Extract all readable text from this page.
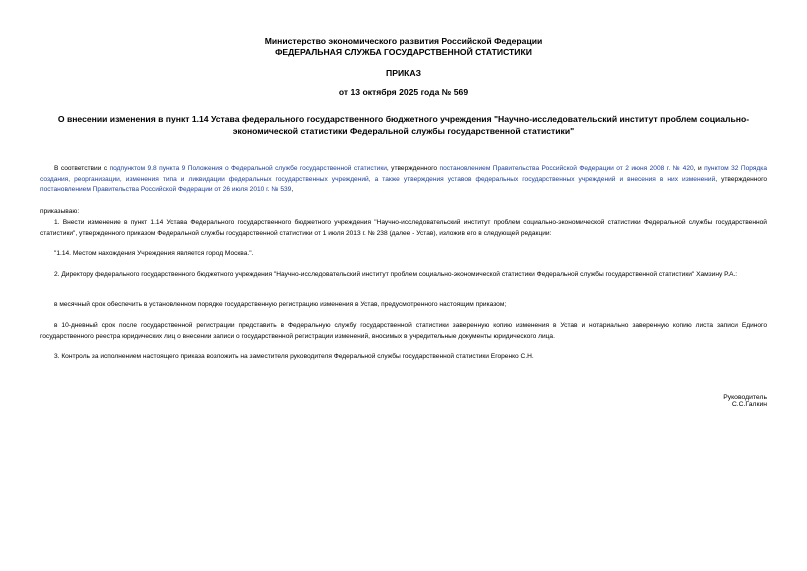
Министерство экономического развития Российской Федерации
ФЕДЕРАЛЬНАЯ СЛУЖБА ГОСУДАРСТВЕННОЙ СТАТИСТИКИ
ПРИКАЗ
от 13 октября 2025 года № 569
О внесении изменения в пункт 1.14 Устава федерального государственного бюджетного учреждения "Научно-исследовательский институт проблем социально-экономической статистики Федеральной службы государственной статистики"
В соответствии с подпунктом 9.8 пункта 9 Положения о Федеральной службе государственной статистики, утвержденного постановлением Правительства Российской Федерации от 2 июня 2008 г. № 420, и пунктом 32 Порядка создания, реорганизации, изменения типа и ликвидации федеральных государственных учреждений, а также утверждения уставов федеральных государственных учреждений и внесения в них изменений, утвержденного постановлением Правительства Российской Федерации от 26 июля 2010 г. № 539,
приказываю:
1. Внести изменение в пункт 1.14 Устава Федерального государственного бюджетного учреждения "Научно-исследовательский институт проблем социально-экономической статистики Федеральной службы государственной статистики", утвержденного приказом Федеральной службы государственной статистики от 1 июля 2013 г. № 238 (далее - Устав), изложив его в следующей редакции:
"1.14. Местом нахождения Учреждения является город Москва.".
2. Директору федерального государственного бюджетного учреждения "Научно-исследовательский институт проблем социально-экономической статистики Федеральной службы государственной статистики" Хамзину Р.А.:
в месячный срок обеспечить в установленном порядке государственную регистрацию изменения в Устав, предусмотренного настоящим приказом;
в 10-дневный срок после государственной регистрации представить в Федеральную службу государственной статистики заверенную копию изменения в Устав и нотариально заверенную копию листа записи Единого государственного реестра юридических лиц о внесении записи о государственной регистрации изменений, вносимых в учредительные документы юридического лица.
3. Контроль за исполнением настоящего приказа возложить на заместителя руководителя Федеральной службы государственной статистики Егоренко С.Н.
Руководитель
С.С.Галкин
